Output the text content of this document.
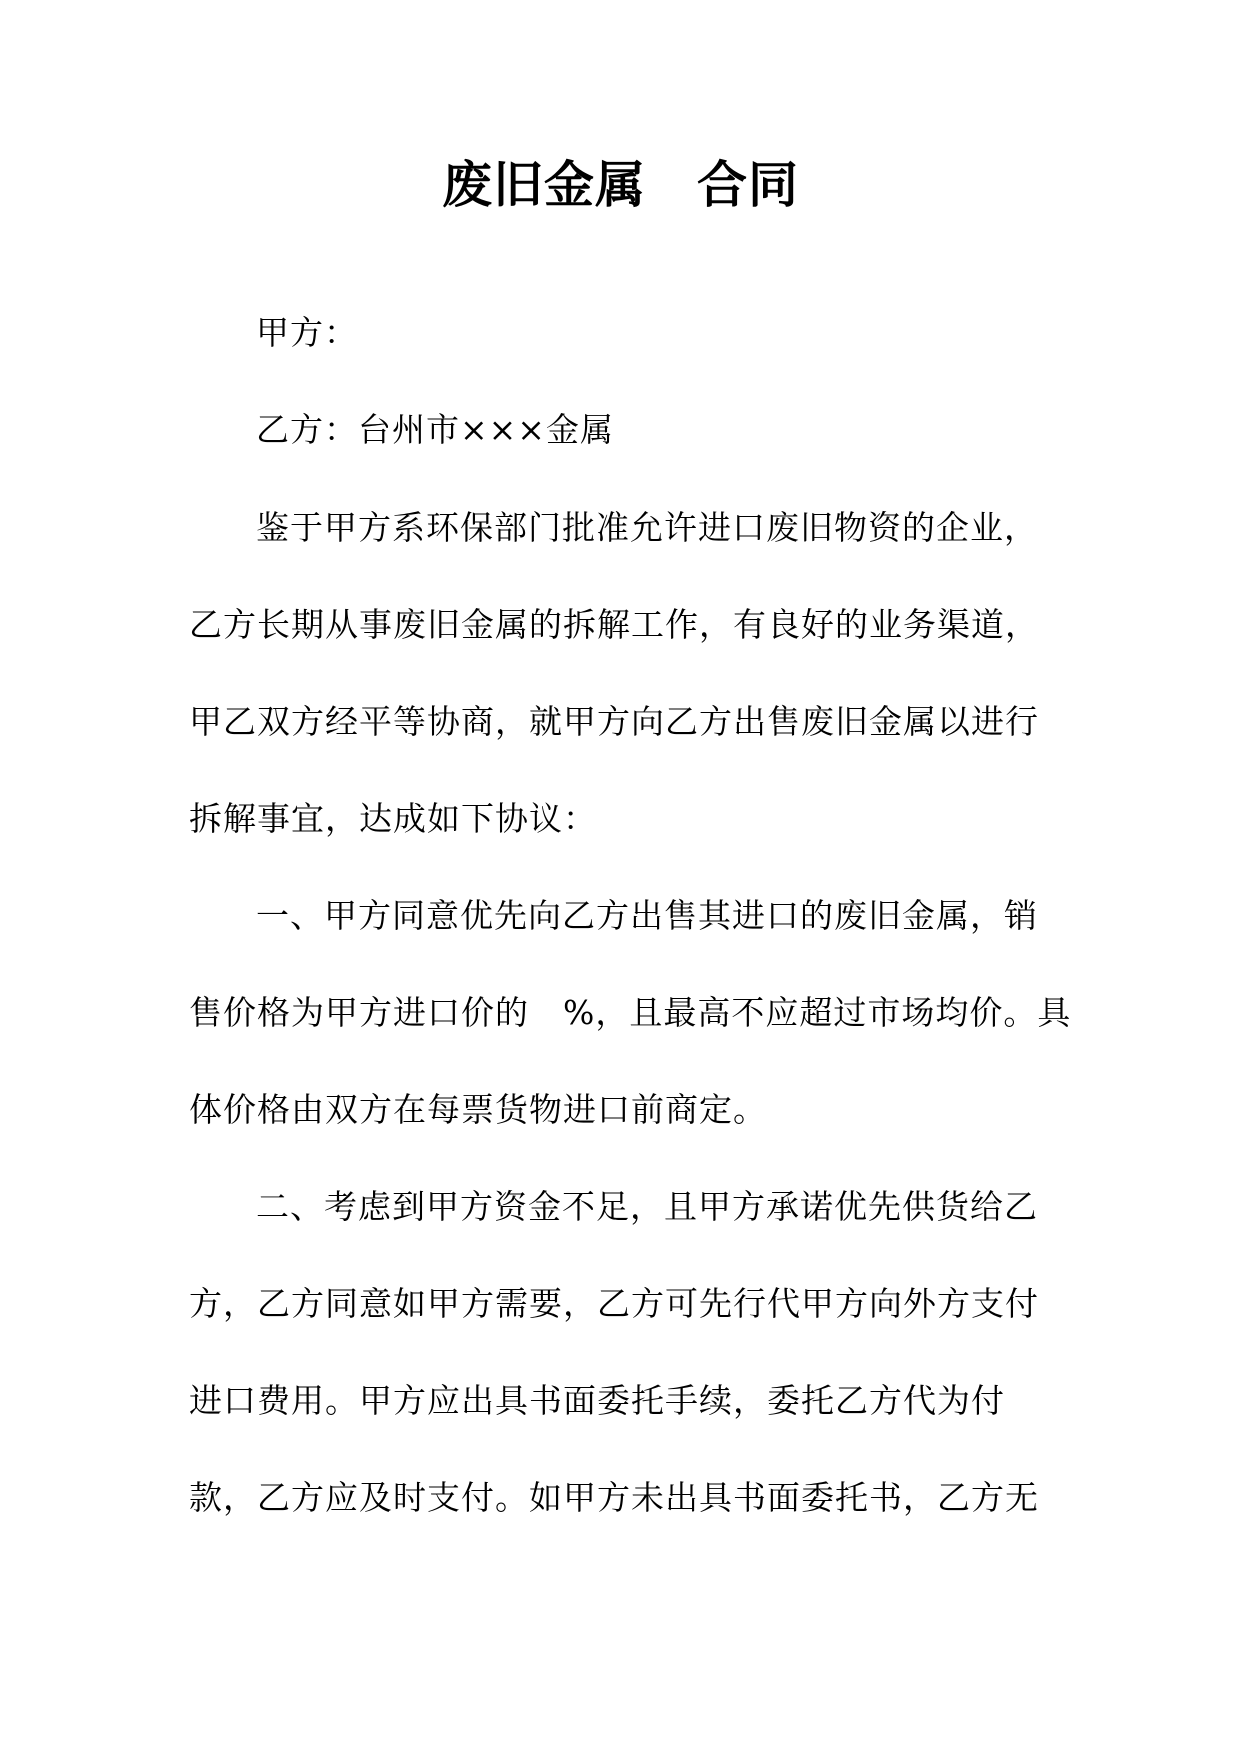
废旧金属　合同
甲方：
乙方：台州市×××金属
鉴于甲方系环保部门批准允许进口废旧物资的企业，
乙方长期从事废旧金属的拆解工作，有良好的业务渠道，
甲乙双方经平等协商，就甲方向乙方出售废旧金属以进行
拆解事宜，达成如下协议：
一、甲方同意优先向乙方出售其进口的废旧金属，销
售价格为甲方进口价的　%，且最高不应超过市场均价。具
体价格由双方在每票货物进口前商定。
二、考虑到甲方资金不足，且甲方承诺优先供货给乙
方，乙方同意如甲方需要，乙方可先行代甲方向外方支付
进口费用。甲方应出具书面委托手续，委托乙方代为付
款，乙方应及时支付。如甲方未出具书面委托书，乙方无
